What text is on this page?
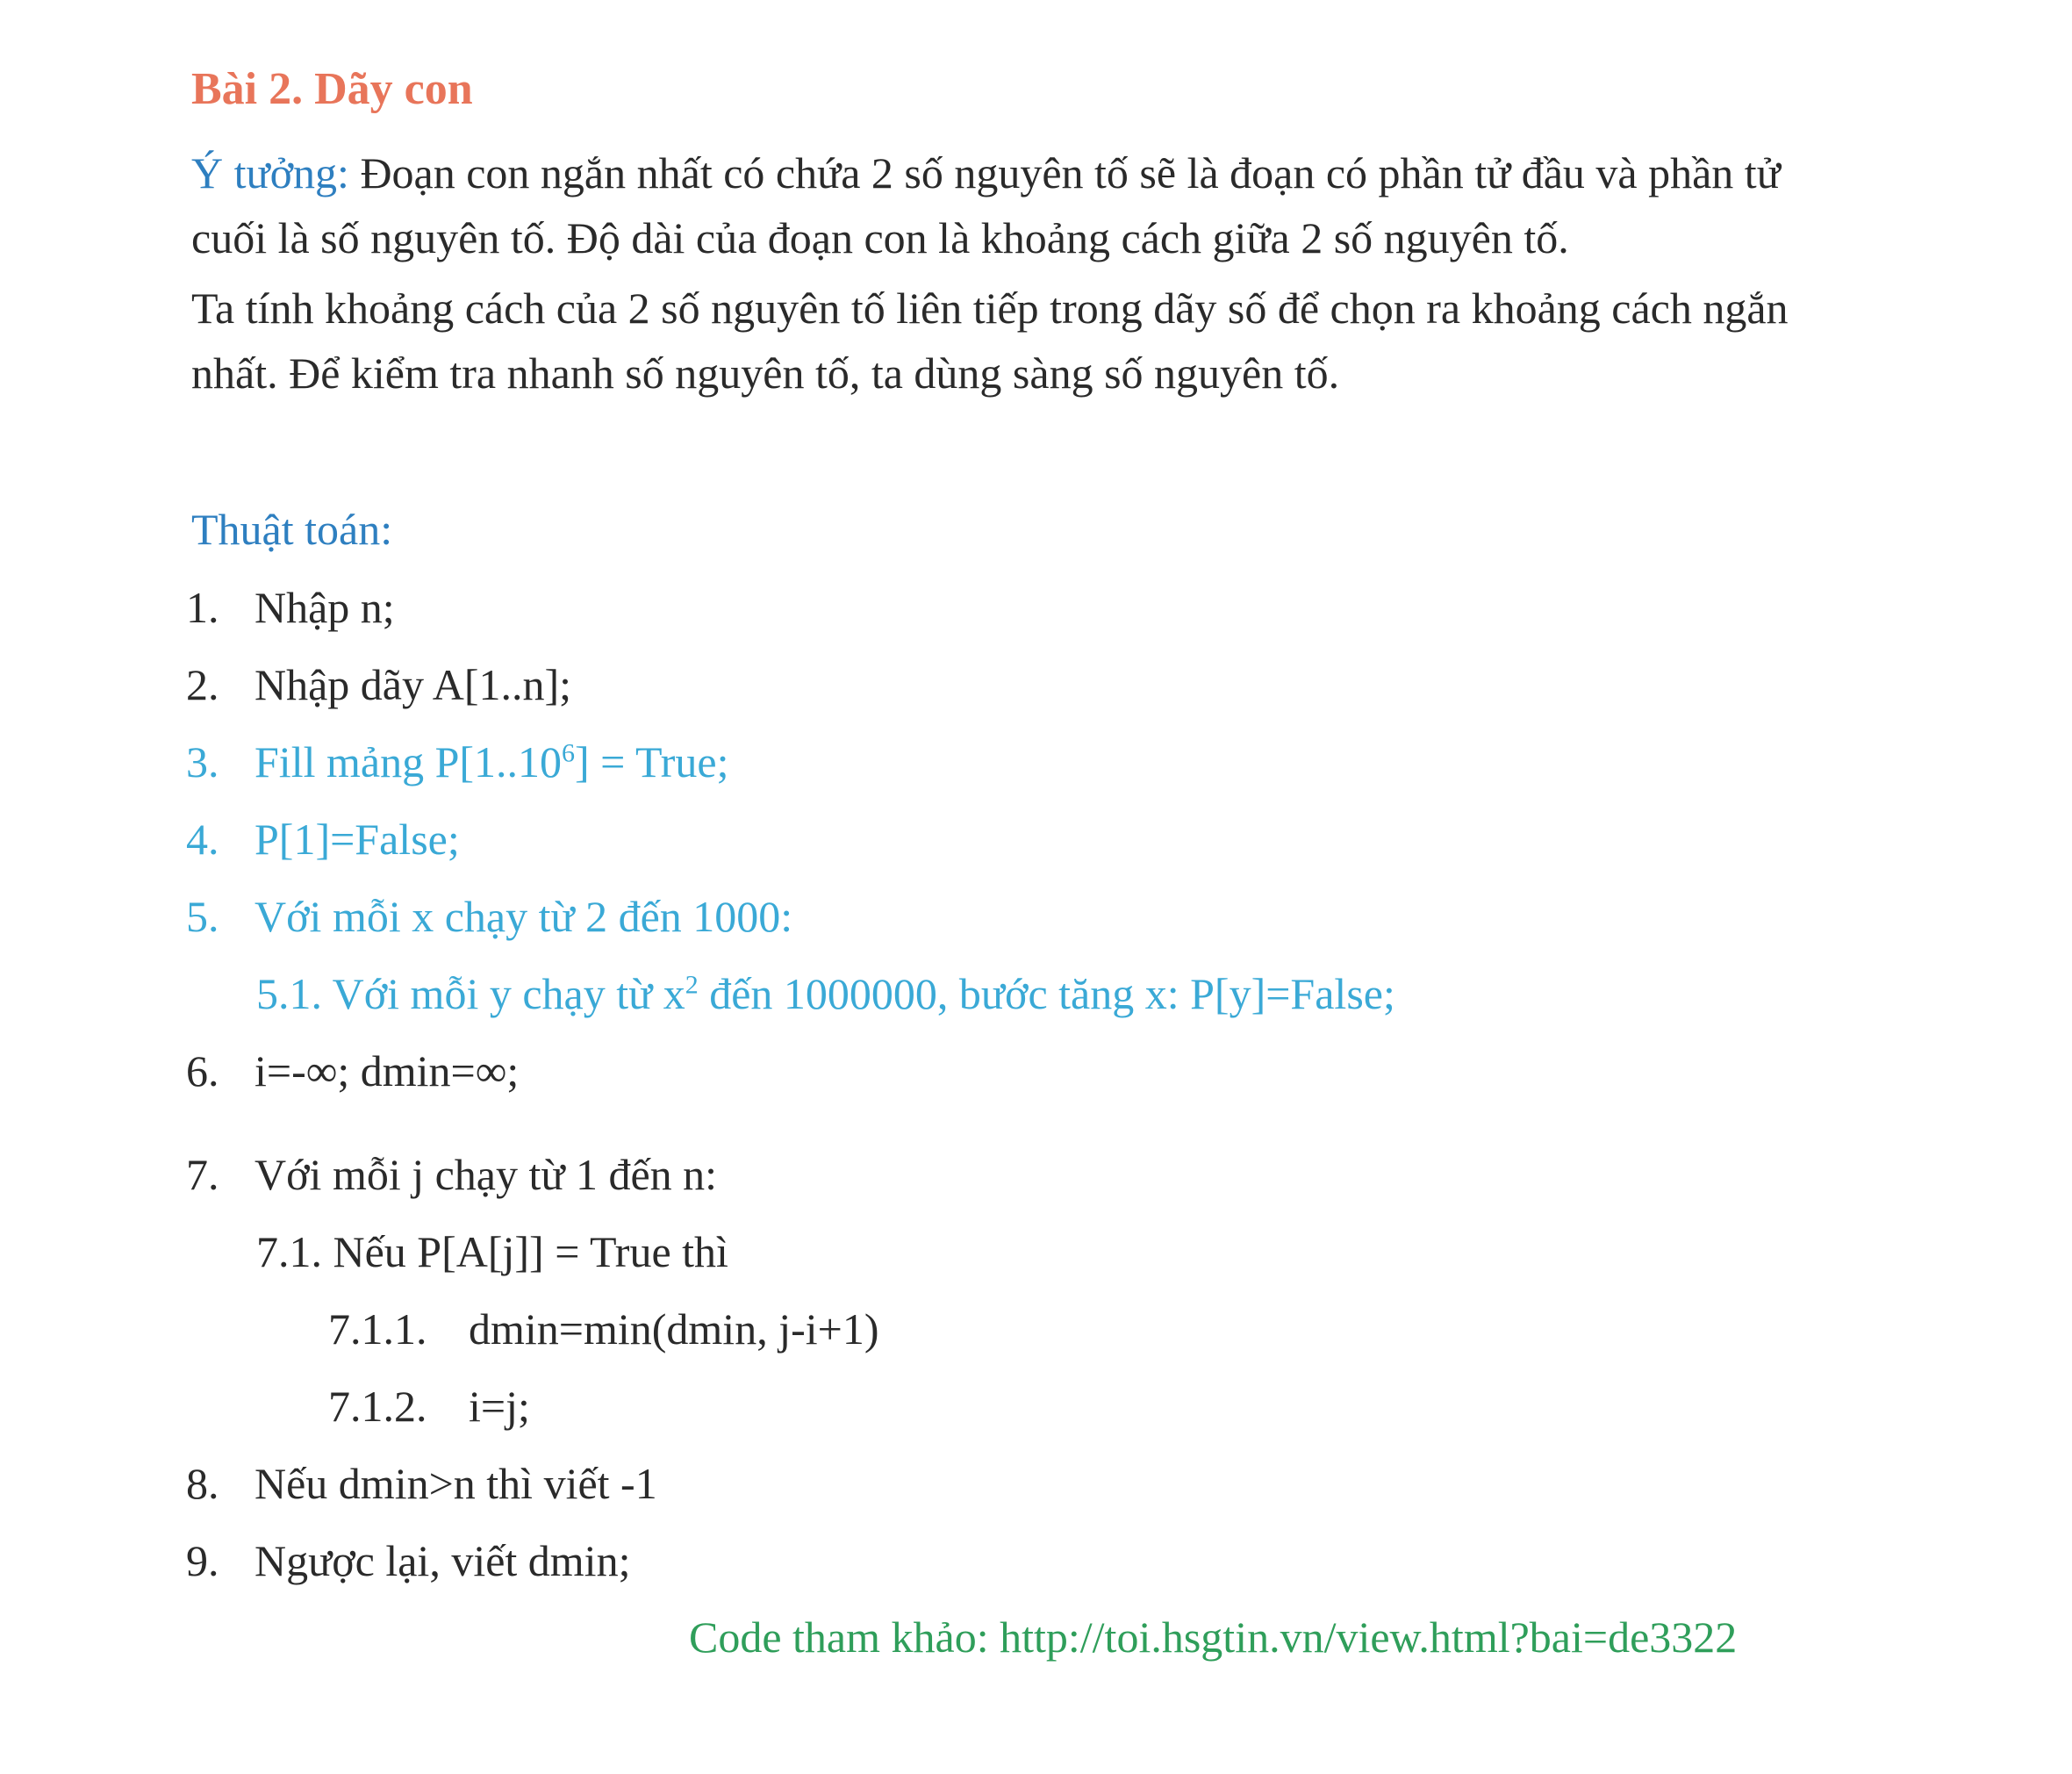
Bài 2. Dãy con

Ý tưởng: Đoạn con ngắn nhất có chứa 2 số nguyên tố sẽ là đoạn có phần tử đầu và phần tử cuối là số nguyên tố. Độ dài của đoạn con là khoảng cách giữa 2 số nguyên tố.

Ta tính khoảng cách của 2 số nguyên tố liên tiếp trong dãy số để chọn ra khoảng cách ngắn nhất. Để kiểm tra nhanh số nguyên tố, ta dùng sàng số nguyên tố.

Thuật toán:
1. Nhập n;
2. Nhập dãy A[1..n];
3. Fill mảng $P[1..10^6]$ = True;
4. P[1]=False;
5. Với mỗi x chạy từ 2 đến 1000:
5.1. Với mỗi y chạy từ $x^2$ đến 1000000, bước tăng x: P[y]=False;
6. i=-∞; dmin=∞;
7. Với mỗi j chạy từ 1 đến n:
7.1. Nếu P[A[j]] = True thì
7.1.1. dmin=min(dmin, j-i+1)
7.1.2. i=j;
8. Nếu dmin>n thì viết -1
9. Ngược lại, viết dmin;
Code tham khảo: http://toi.hsgtin.vn/view.html?bai=de3322
